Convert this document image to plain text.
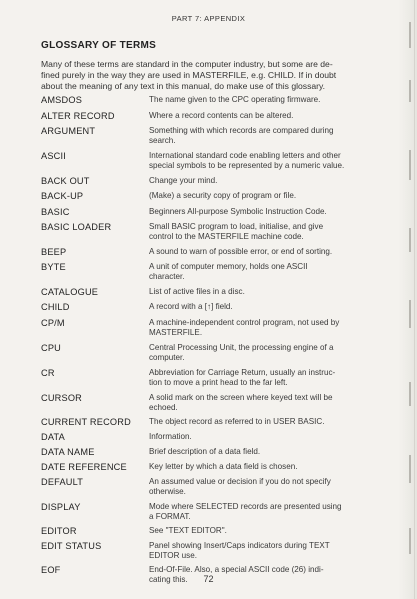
PART 7: APPENDIX
GLOSSARY OF TERMS
Many of these terms are standard in the computer industry, but some are de-
fined purely in the way they are used in MASTERFILE, e.g. CHILD. If in doubt
about the meaning of any text in this manual, do make use of this glossary.
AMSDOS	The name given to the CPC operating firmware.
ALTER RECORD	Where a record contents can be altered.
ARGUMENT	Something with which records are compared during
search.
ASCII	International standard code enabling letters and other
special symbols to be represented by a numeric value.
BACK OUT	Change your mind.
BACK-UP	(Make) a security copy of program or file.
BASIC	Beginners All-purpose Symbolic Instruction Code.
BASIC LOADER	Small BASIC program to load, initialise, and give
control to the MASTERFILE machine code.
BEEP	A sound to warn of possible error, or end of sorting.
BYTE	A unit of computer memory, holds one ASCII
character.
CATALOGUE	List of active files in a disc.
CHILD	A record with a [↑] field.
CP/M	A machine-independent control program, not used by
MASTERFILE.
CPU	Central Processing Unit, the processing engine of a
computer.
CR	Abbreviation for Carriage Return, usually an instruc-
tion to move a print head to the far left.
CURSOR	A solid mark on the screen where keyed text will be
echoed.
CURRENT RECORD	The object record as referred to in USER BASIC.
DATA	Information.
DATA NAME	Brief description of a data field.
DATE REFERENCE	Key letter by which a data field is chosen.
DEFAULT	An assumed value or decision if you do not specify
otherwise.
DISPLAY	Mode where SELECTED records are presented using
a FORMAT.
EDITOR	See "TEXT EDITOR".
EDIT STATUS	Panel showing Insert/Caps indicators during TEXT
EDITOR use.
EOF	End-Of-File. Also, a special ASCII code (26) indi-
cating this.	72
